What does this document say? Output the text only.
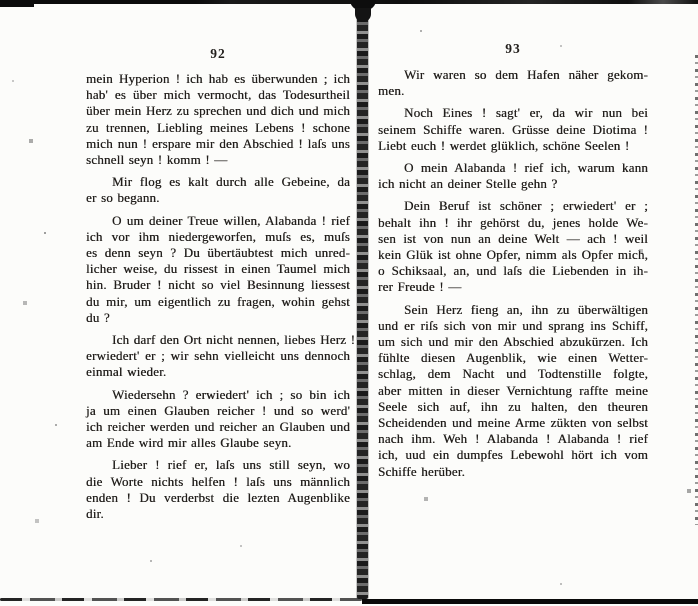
92
mein Hyperion ! ich hab es überwunden ; ich
hab' es über mich vermocht, das Todesurtheil
über mein Herz zu sprechen und dich und mich
zu trennen, Liebling meines Lebens ! schone
mich nun ! erspare mir den Abschied ! laſs uns
schnell seyn ! komm ! —
Mir flog es kalt durch alle Gebeine, da
er so begann.
O um deiner Treue willen, Alabanda ! rief
ich vor ihm niedergeworfen, muſs es, muſs
es denn seyn ? Du übertäubtest mich unred-
licher weise, du rissest in einen Taumel mich
hin. Bruder ! nicht so viel Besinnung liessest
du mir, um eigentlich zu fragen, wohin gehst
du ?
Ich darf den Ort nicht nennen, liebes Herz !
erwiedert' er ; wir sehn vielleicht uns dennoch
einmal wieder.
Wiedersehn ? erwiedert' ich ; so bin ich
ja um einen Glauben reicher ! und so werd'
ich reicher werden und reicher an Glauben und
am Ende wird mir alles Glaube seyn.
Lieber ! rief er, laſs uns still seyn, wo
die Worte nichts helfen ! laſs uns männlich
enden ! Du verderbst die lezten Augenblike
dir.
93
Wir waren so dem Hafen näher gekom-
men.
Noch Eines ! sagt' er, da wir nun bei
seinem Schiffe waren. Grüsse deine Diotima !
Liebt euch ! werdet glüklich, schöne Seelen !
O mein Alabanda ! rief ich, warum kann
ich nicht an deiner Stelle gehn ?
Dein Beruf ist schöner ; erwiedert' er ;
behalt ihn ! ihr gehörst du, jenes holde We-
sen ist von nun an deine Welt — ach ! weil
kein Glük ist ohne Opfer, nimm als Opfer mich,
o Schiksaal, an, und laſs die Liebenden in ih-
rer Freude ! —
Sein Herz fieng an, ihn zu überwältigen
und er riſs sich von mir und sprang ins Schiff,
um sich und mir den Abschied abzukürzen. Ich
fühlte diesen Augenblik, wie einen Wetter-
schlag, dem Nacht und Todtenstille folgte,
aber mitten in dieser Vernichtung raffte meine
Seele sich auf, ihn zu halten, den theuren
Scheidenden und meine Arme zükten von selbst
nach ihm. Weh ! Alabanda ! Alabanda ! rief
ich, uud ein dumpfes Lebewohl hört ich vom
Schiffe herüber.
